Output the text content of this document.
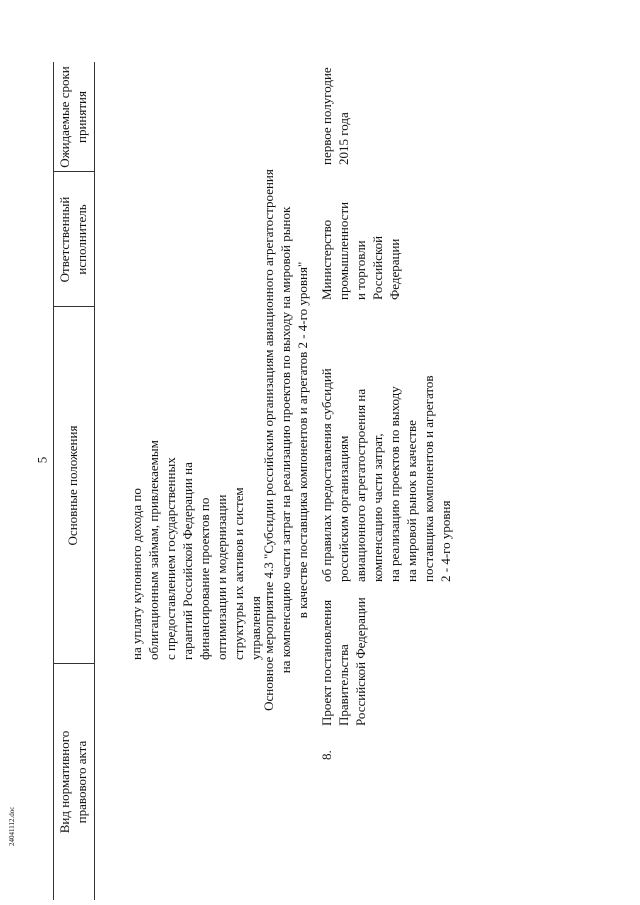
5
24041112.doc	Вид нормативного правового акта
Основные положения
Ответственный исполнитель
Ожидаемые сроки принятия
на уплату купонного дохода по облигационным займам, привлекаемым с предоставлением государственных гарантий Российской Федерации на финансирование проектов по оптимизации и модернизации структуры их активов и систем управления
Основное мероприятие 4.3 "Субсидии российским организациям авиационного агрегатостроения на компенсацию части затрат на реализацию проектов по выходу на мировой рынок в качестве поставщика компонентов и агрегатов 2 - 4-го уровня"
8.
Проект постановления Правительства Российской Федерации
об правилах предоставления субсидий российским организациям авиационного агрегатостроения на компенсацию части затрат, на реализацию проектов по выходу на мировой рынок в качестве поставщика компонентов и агрегатов 2 - 4-го уровня
Министерство промышленности и торговли Российской Федерации
первое полугодие 2015 года
